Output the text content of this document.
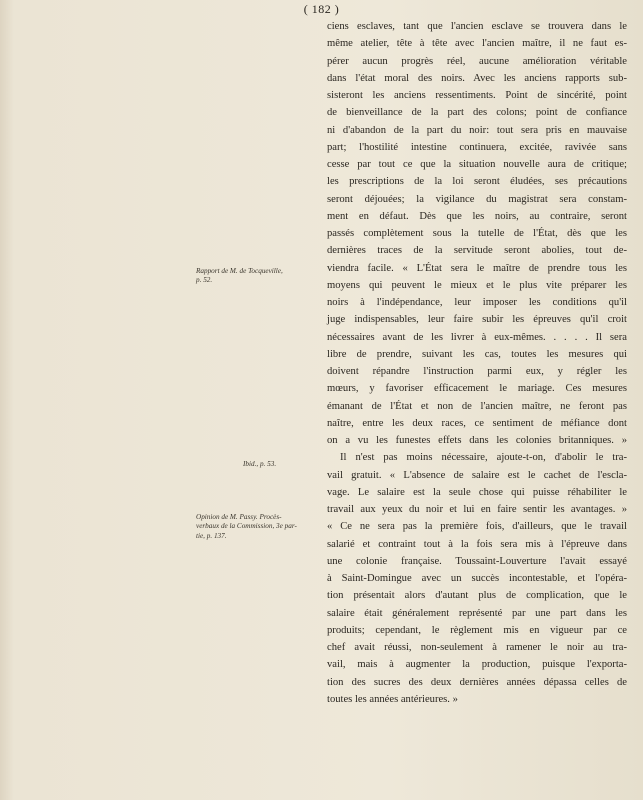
( 182 )
ciens esclaves, tant que l'ancien esclave se trouvera dans le
même atelier, tête à tête avec l'ancien maître, il ne faut es-
pérer aucun progrès réel, aucune amélioration véritable
dans l'état moral des noirs. Avec les anciens rapports sub-
sisteront les anciens ressentiments. Point de sincérité, point
de bienveillance de la part des colons; point de confiance
ni d'abandon de la part du noir: tout sera pris en mauvaise
part; l'hostilité intestine continuera, excitée, ravivée sans
cesse par tout ce que la situation nouvelle aura de critique;
les prescriptions de la loi seront éludées, ses précautions
seront déjouées; la vigilance du magistrat sera constam-
ment en défaut. Dès que les noirs, au contraire, seront
passés complètement sous la tutelle de l'État, dès que les
dernières traces de la servitude seront abolies, tout de-
viendra facile. « L'État sera le maître de prendre tous les
moyens qui peuvent le mieux et le plus vite préparer les
noirs à l'indépendance, leur imposer les conditions qu'il
juge indispensables, leur faire subir les épreuves qu'il croit
nécessaires avant de les livrer à eux-mêmes. . . . . Il sera
libre de prendre, suivant les cas, toutes les mesures qui
doivent répandre l'instruction parmi eux, y régler les
mœurs, y favoriser efficacement le mariage. Ces mesures
émanant de l'État et non de l'ancien maître, ne feront pas
naître, entre les deux races, ce sentiment de méfiance dont
on a vu les funestes effets dans les colonies britanniques. »
Il n'est pas moins nécessaire, ajoute-t-on, d'abolir le tra-
vail gratuit. « L'absence de salaire est le cachet de l'escla-
vage. Le salaire est la seule chose qui puisse réhabiliter le
travail aux yeux du noir et lui en faire sentir les avantages. »
« Ce ne sera pas la première fois, d'ailleurs, que le travail
salarié et contraint tout à la fois sera mis à l'épreuve dans
une colonie française. Toussaint-Louverture l'avait essayé
à Saint-Domingue avec un succès incontestable, et l'opéra-
tion présentait alors d'autant plus de complication, que le
salaire était généralement représenté par une part dans les
produits; cependant, le règlement mis en vigueur par ce
chef avait réussi, non-seulement à ramener le noir au tra-
vail, mais à augmenter la production, puisque l'exporta-
tion des sucres des deux dernières années dépassa celles de
toutes les années antérieures. »
Rapport de M. de Tocqueville,
p. 52.
Ibid., p. 53.
Opinion de M. Passy. Procès-
verbaux de la Commission, 3e par-
tie, p. 137.
